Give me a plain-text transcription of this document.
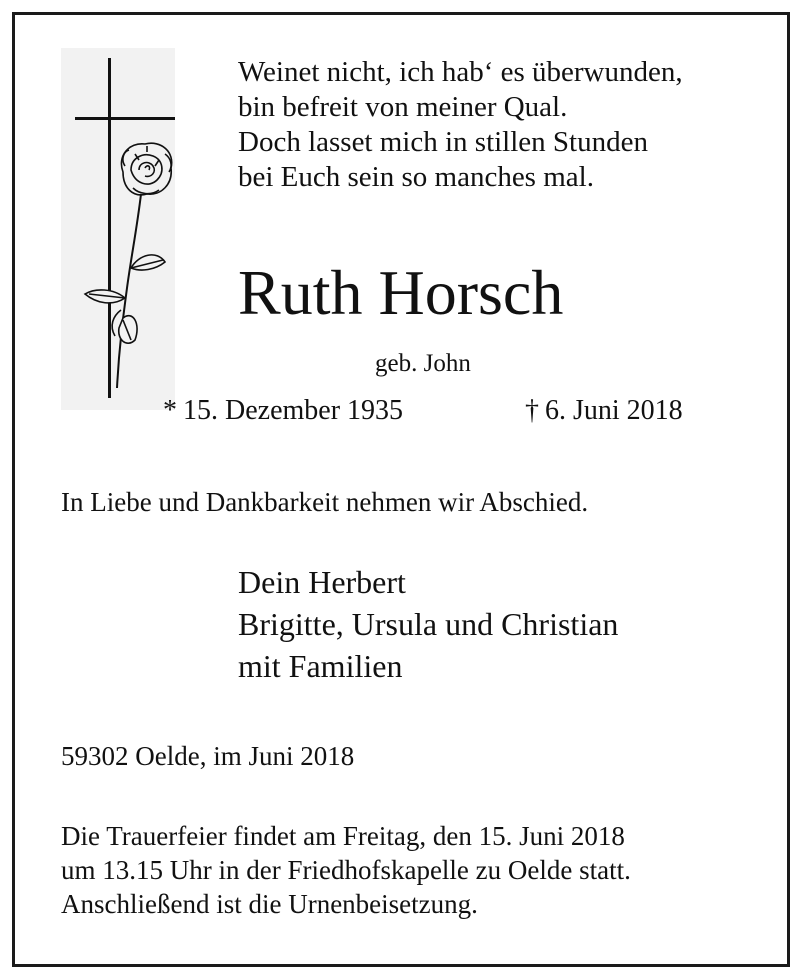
Weinet nicht, ich hab‘ es überwunden,
bin befreit von meiner Qual.
Doch lasset mich in stillen Stunden
bei Euch sein so manches mal.
Ruth Horsch
geb. John
* 15. Dezember 1935	† 6. Juni 2018
In Liebe und Dankbarkeit nehmen wir Abschied.
Dein Herbert
Brigitte, Ursula und Christian
mit Familien
59302 Oelde, im Juni 2018
Die Trauerfeier findet am Freitag, den 15. Juni 2018
um 13.15 Uhr in der Friedhofskapelle zu Oelde statt.
Anschließend ist die Urnenbeisetzung.
